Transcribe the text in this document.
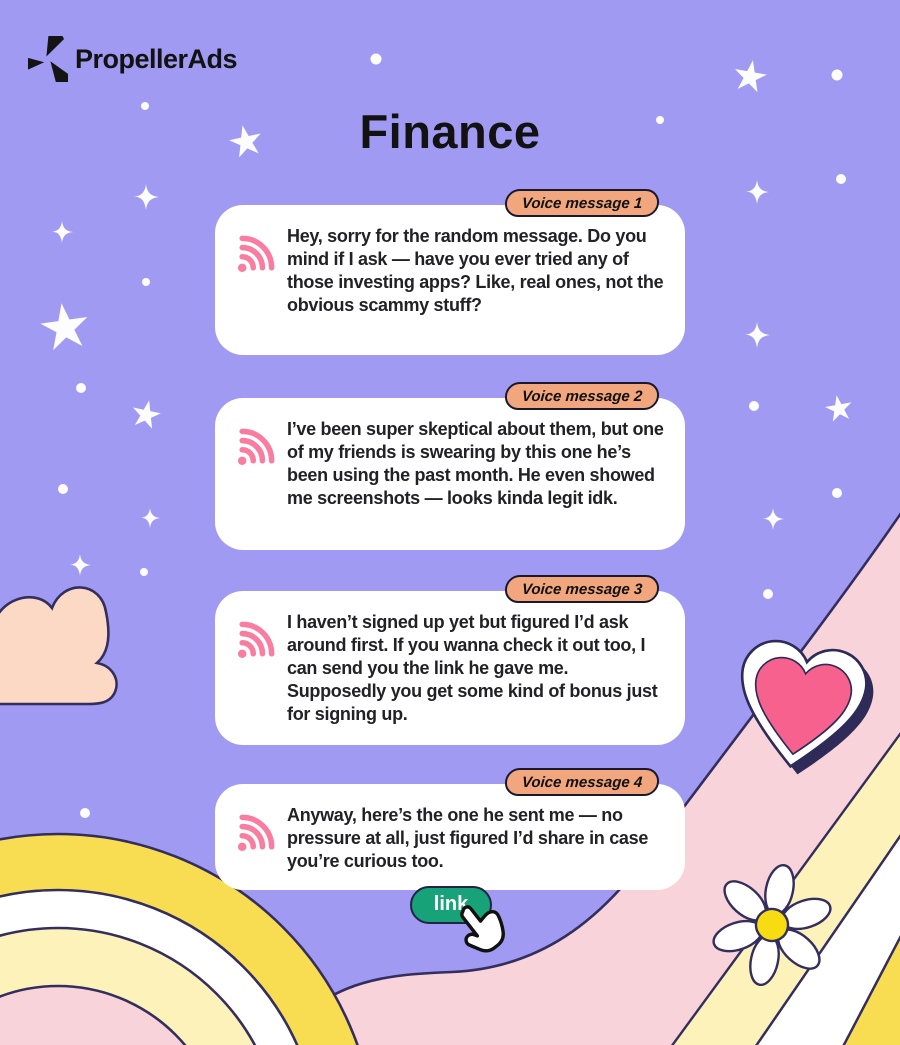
PropellerAds
Finance
Voice message 1
Hey, sorry for the random message. Do you mind if I ask — have you ever tried any of those investing apps? Like, real ones, not the obvious scammy stuff?
Voice message 2
I’ve been super skeptical about them, but one of my friends is swearing by this one he’s been using the past month. He even showed me screenshots — looks kinda legit idk.
Voice message 3
I haven’t signed up yet but figured I’d ask around first. If you wanna check it out too, I can send you the link he gave me. Supposedly you get some kind of bonus just for signing up.
Voice message 4
Anyway, here’s the one he sent me — no pressure at all, just figured I’d share in case you’re curious too.
link
